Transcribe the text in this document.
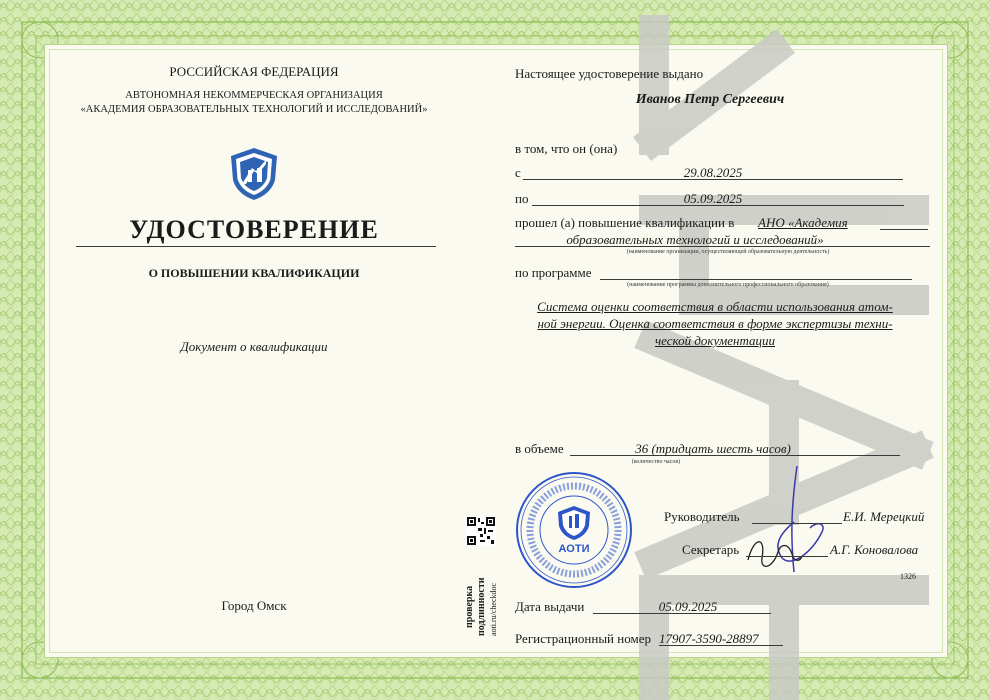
РОССИЙСКАЯ ФЕДЕРАЦИЯ
АВТОНОМНАЯ НЕКОММЕРЧЕСКАЯ ОРГАНИЗАЦИЯ
«АКАДЕМИЯ ОБРАЗОВАТЕЛЬНЫХ ТЕХНОЛОГИЙ И ИССЛЕДОВАНИЙ»
УДОСТОВЕРЕНИЕ
О ПОВЫШЕНИИ КВАЛИФИКАЦИИ
Документ о квалификации
Город Омск	проверка подлинности aoti.ru/checkdoc
Настоящее удостоверение выдано
Иванов Петр Сергеевич
в том, что он (она)
с	29.08.2025
по	05.09.2025
прошел (а) повышение квалификации в АНО «Академия
образовательных технологий и исследований»
(наименование организации, осуществляющей образовательную деятельность)
по программе
(наименование программы дополнительного профессионального образования)
Система оценки соответствия в области использования атом-
ной энергии. Оценка соответствия в форме экспертизы техни-
ческой документации
в объеме	36 (тридцать шесть часов)
(количество часов)
АОТИ
Руководитель	Е.И. Мерецкий
Секретарь	А.Г. Коновалова
1326
Дата выдачи	05.09.2025
Регистрационный номер 17907-3590-28897
